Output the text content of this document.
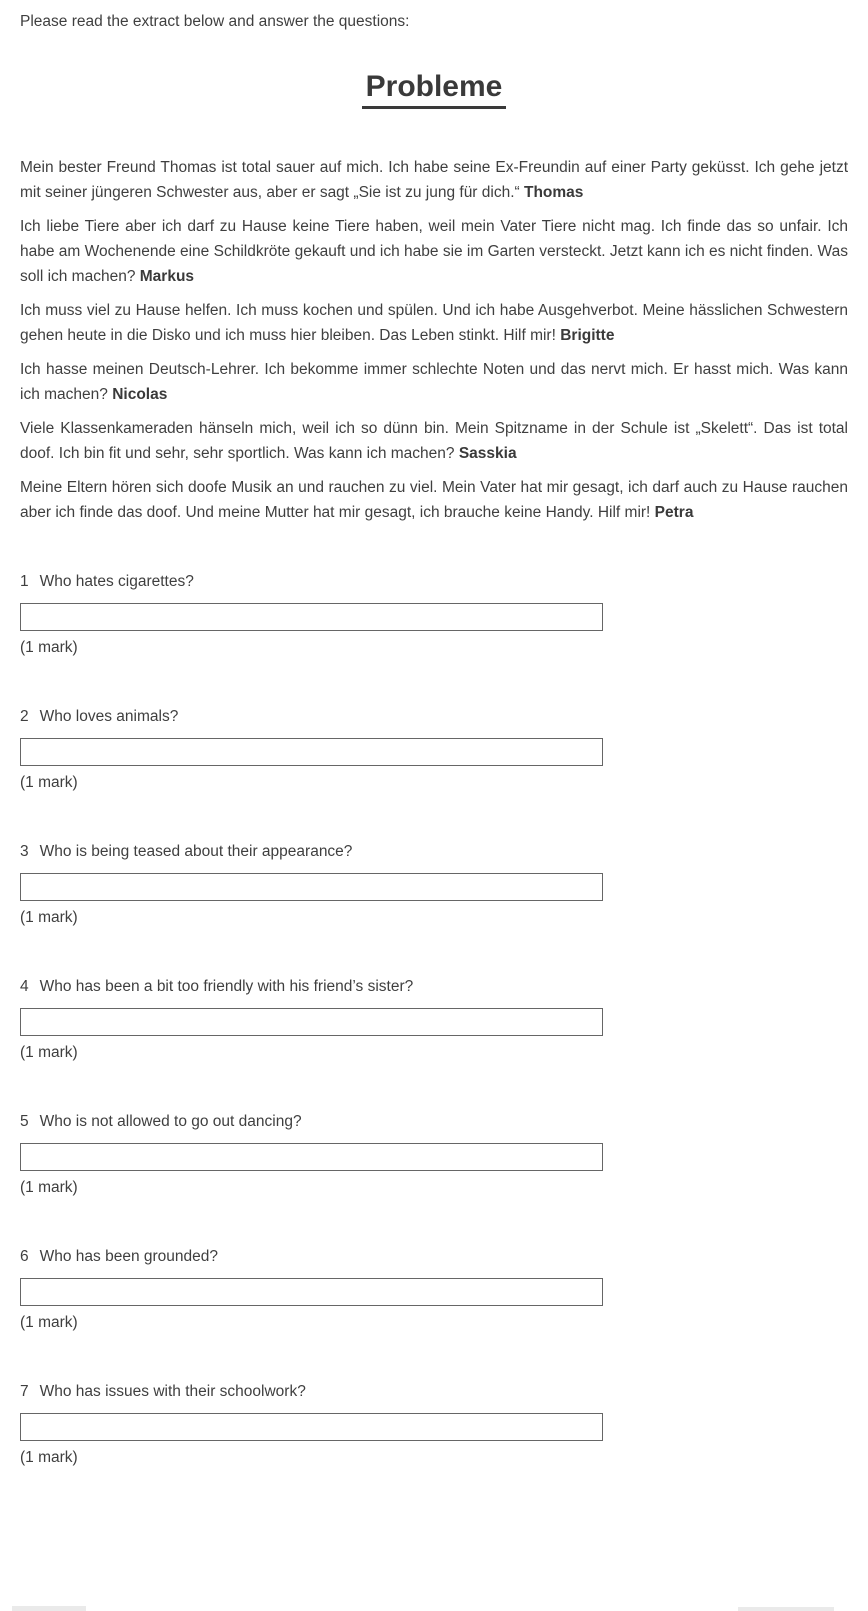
Please read the extract below and answer the questions:
Probleme

Mein bester Freund Thomas ist total sauer auf mich. Ich habe seine Ex-Freundin auf einer Party geküsst. Ich gehe jetzt mit seiner jüngeren Schwester aus, aber er sagt „Sie ist zu jung für dich.“ Thomas

Ich liebe Tiere aber ich darf zu Hause keine Tiere haben, weil mein Vater Tiere nicht mag. Ich finde das so unfair. Ich habe am Wochenende eine Schildkröte gekauft und ich habe sie im Garten versteckt. Jetzt kann ich es nicht finden. Was soll ich machen? Markus

Ich muss viel zu Hause helfen. Ich muss kochen und spülen. Und ich habe Ausgehverbot. Meine hässlichen Schwestern gehen heute in die Disko und ich muss hier bleiben. Das Leben stinkt. Hilf mir! Brigitte

Ich hasse meinen Deutsch-Lehrer. Ich bekomme immer schlechte Noten und das nervt mich. Er hasst mich. Was kann ich machen? Nicolas

Viele Klassenkameraden hänseln mich, weil ich so dünn bin. Mein Spitzname in der Schule ist „Skelett“. Das ist total doof. Ich bin fit und sehr, sehr sportlich. Was kann ich machen? Sasskia

Meine Eltern hören sich doofe Musik an und rauchen zu viel. Mein Vater hat mir gesagt, ich darf auch zu Hause rauchen aber ich finde das doof. Und meine Mutter hat mir gesagt, ich brauche keine Handy. Hilf mir! Petra

1 Who hates cigarettes?
(1 mark)
2 Who loves animals?
(1 mark)
3 Who is being teased about their appearance?
(1 mark)
4 Who has been a bit too friendly with his friend’s sister?
(1 mark)
5 Who is not allowed to go out dancing?
(1 mark)
6 Who has been grounded?
(1 mark)
7 Who has issues with their schoolwork?
(1 mark)
